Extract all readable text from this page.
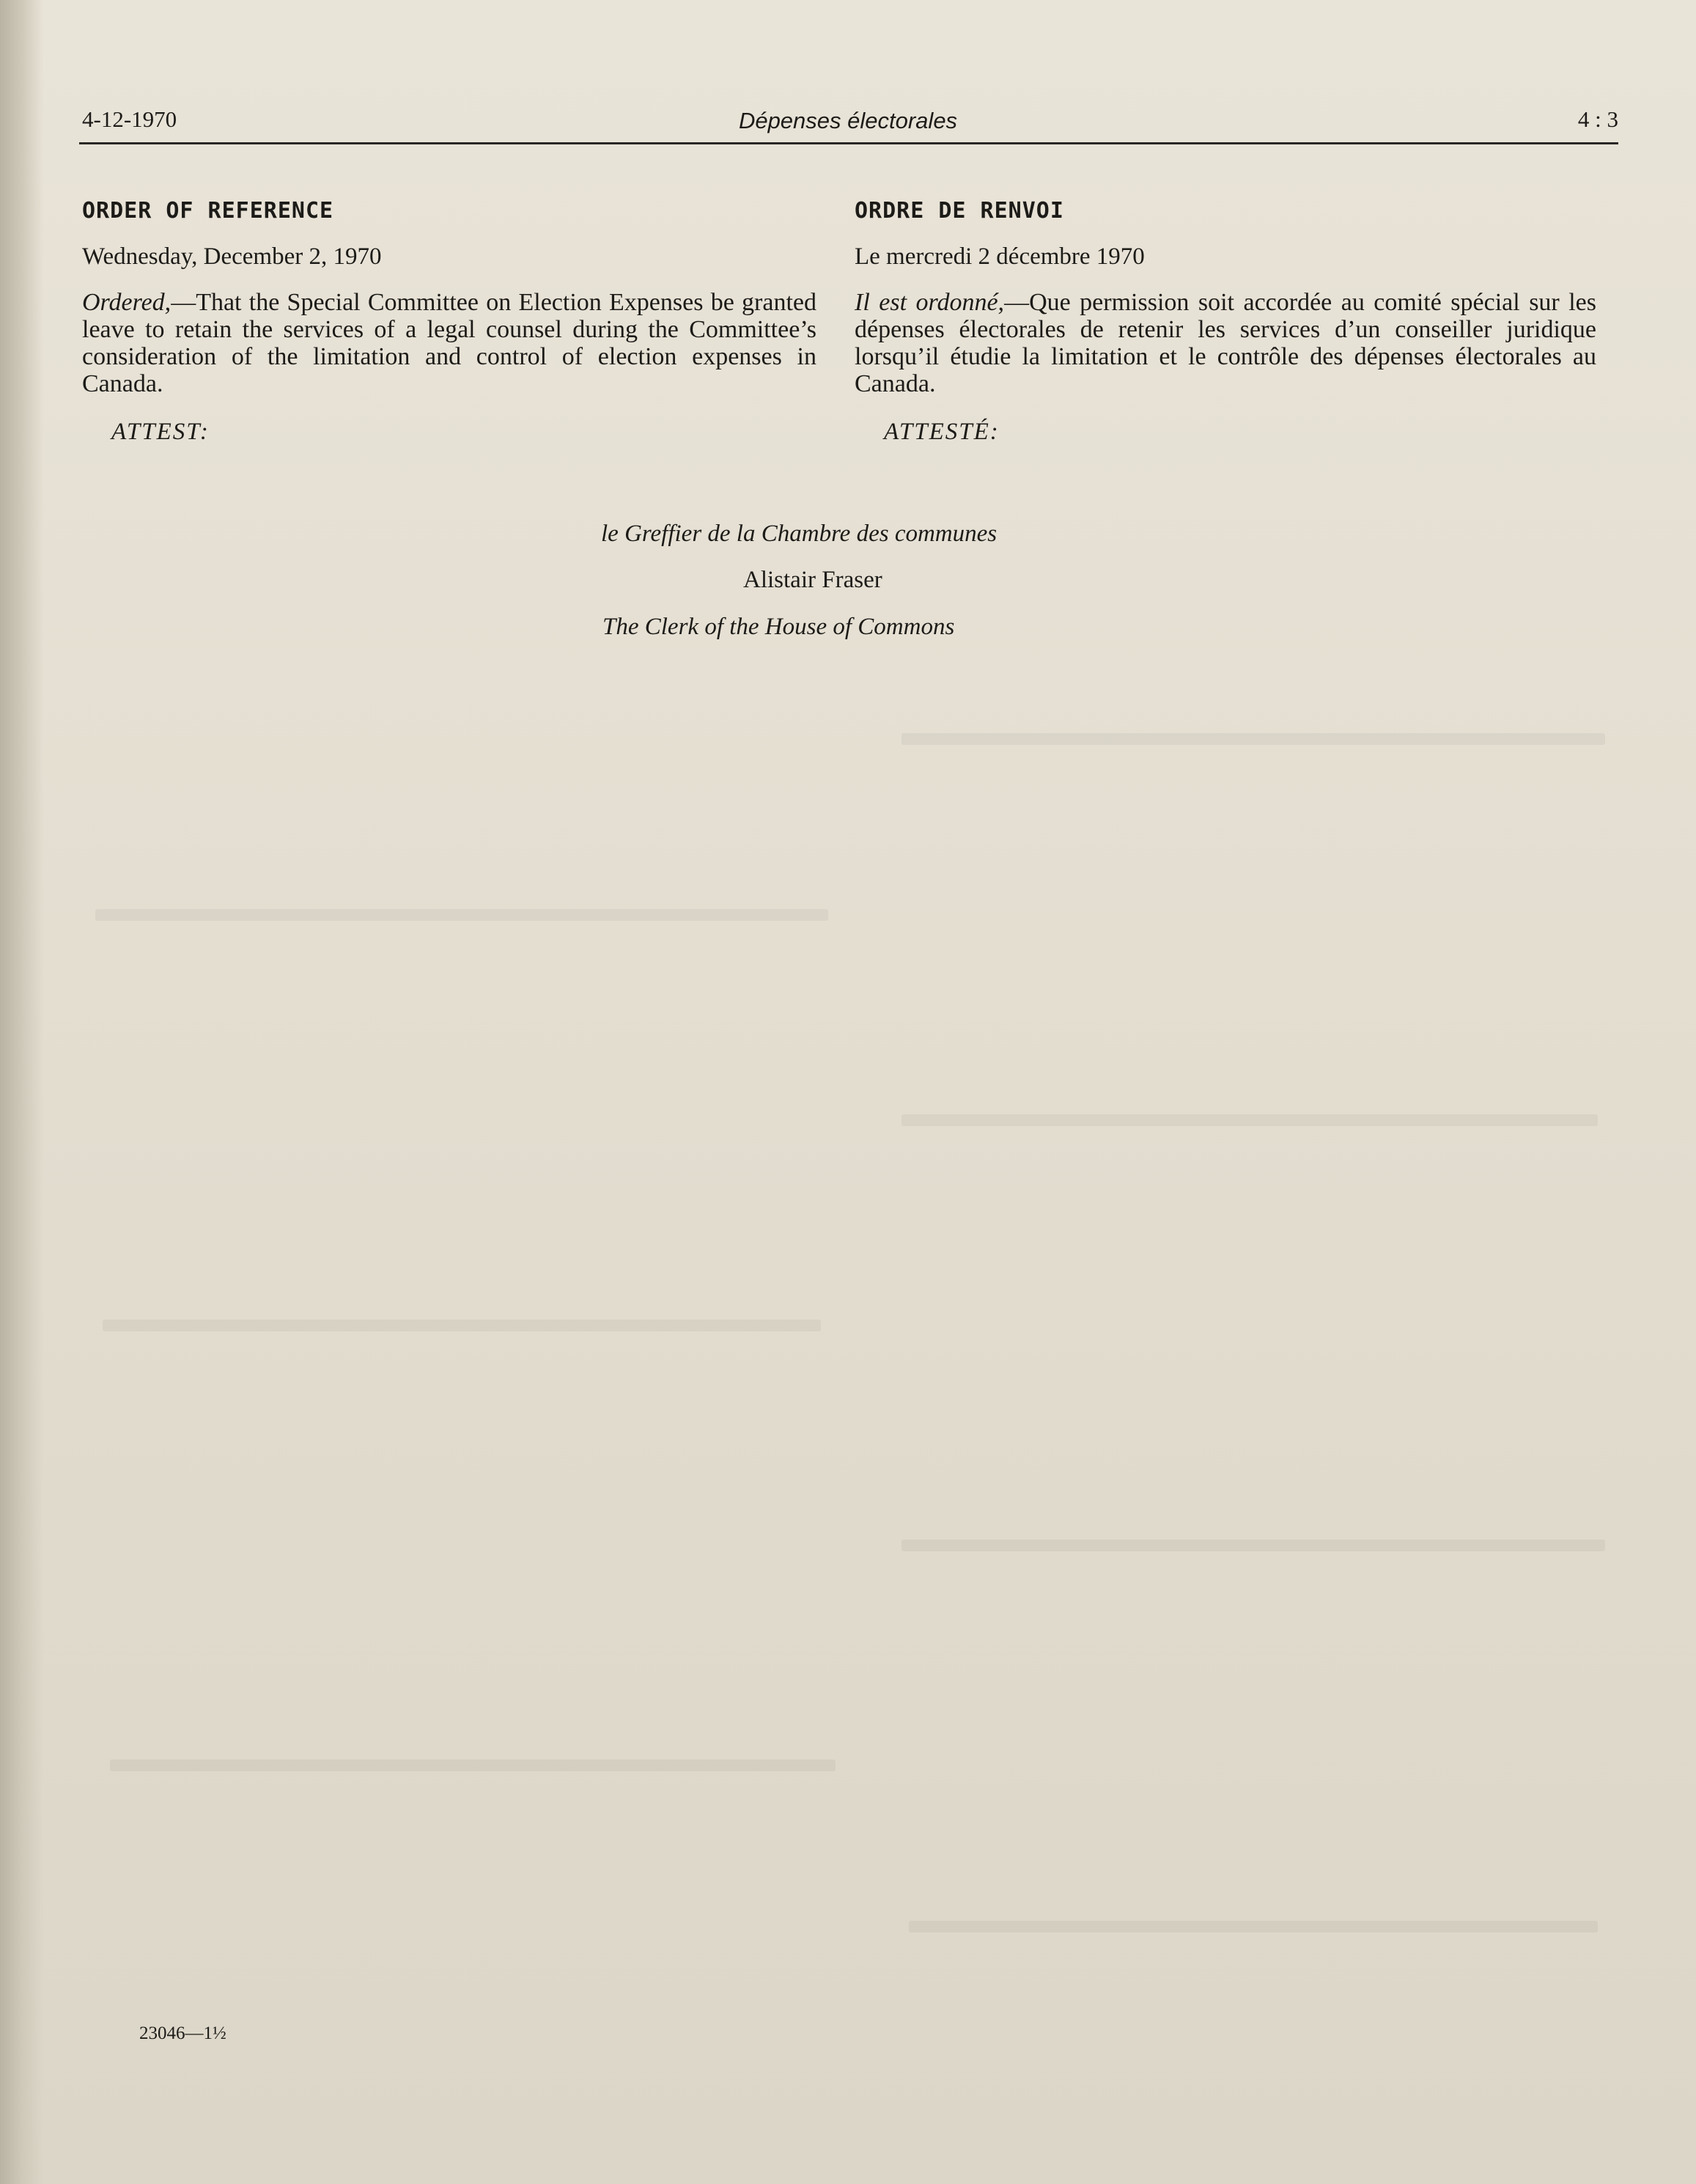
4-12-1970	Dépenses électorales	4 : 3
ORDER OF REFERENCE
Wednesday, December 2, 1970
Ordered,—That the Special Committee on Election Expenses be granted leave to retain the services of a legal counsel during the Committee’s consideration of the limitation and control of election expenses in Canada.
ATTEST:
ORDRE DE RENVOI
Le mercredi 2 décembre 1970
Il est ordonné,—Que permission soit accordée au comité spécial sur les dépenses électorales de retenir les services d’un conseiller juridique lorsqu’il étudie la limitation et le contrôle des dépenses électorales au Canada.
ATTESTÉ:
le Greffier de la Chambre des communes
Alistair Fraser
The Clerk of the House of Commons
23046—1½
